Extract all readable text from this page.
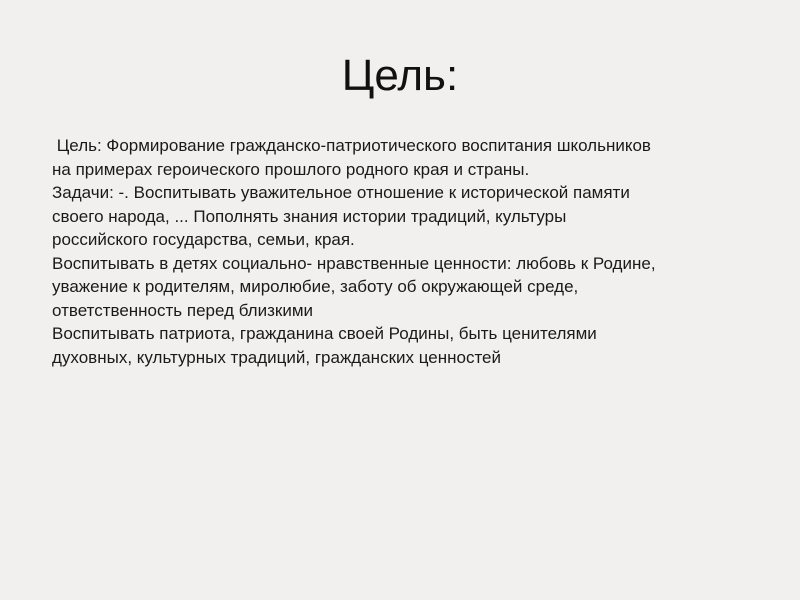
Цель:
Цель: Формирование гражданско-патриотического воспитания школьников
на примерах героического прошлого родного края и страны.
Задачи: -. Воспитывать уважительное отношение к исторической памяти
своего народа, ... Пополнять знания истории традиций, культуры
российского государства, семьи, края.
Воспитывать в детях социально- нравственные ценности: любовь к Родине,
уважение к родителям, миролюбие, заботу об окружающей среде,
ответственность перед близкими
Воспитывать патриота, гражданина своей Родины, быть ценителями
духовных, культурных традиций, гражданских ценностей
